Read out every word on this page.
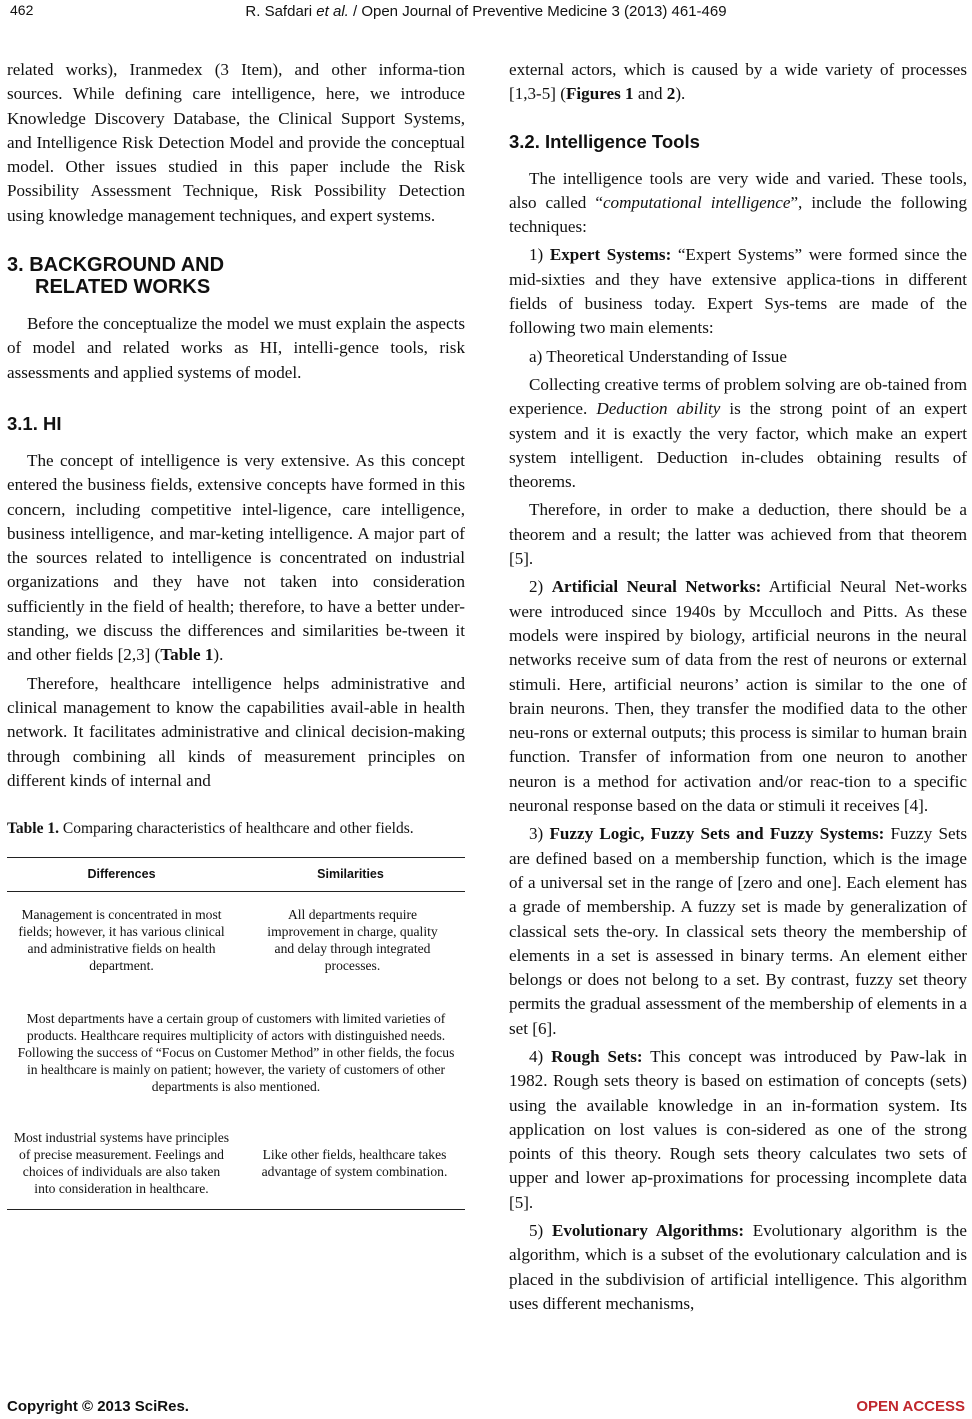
462	R. Safdari et al. / Open Journal of Preventive Medicine 3 (2013) 461-469

related works), Iranmedex (3 Item), and other informa-tion sources. While defining care intelligence, here, we introduce Knowledge Discovery Database, the Clinical Support Systems, and Intelligence Risk Detection Model and provide the conceptual model. Other issues studied in this paper include the Risk Possibility Assessment Technique, Risk Possibility Detection using knowledge management techniques, and expert systems.

3. BACKGROUND AND

RELATED WORKS

Before the conceptualize the model we must explain the aspects of model and related works as HI, intelli-gence tools, risk assessments and applied systems of model.

3.1. HI

The concept of intelligence is very extensive. As this concept entered the business fields, extensive concepts have formed in this concern, including competitive intel-ligence, care intelligence, business intelligence, and mar-keting intelligence. A major part of the sources related to intelligence is concentrated on industrial organizations and they have not taken into consideration sufficiently in the field of health; therefore, to have a better under-standing, we discuss the differences and similarities be-tween it and other fields [2,3] (Table 1).

Therefore, healthcare intelligence helps administrative and clinical management to know the capabilities avail-able in health network. It facilitates administrative and clinical decision-making through combining all kinds of measurement principles on different kinds of internal and

Table 1. Comparing characteristics of healthcare and other fields.

Differences	Similarities
Management is concentrated in most fields; however, it has various clinical and administrative fields on health department.	All departments require improvement in charge, quality and delay through integrated processes.

Most departments have a certain group of customers with limited varieties of products. Healthcare requires multiplicity of actors with distinguished needs.
Following the success of “Focus on Customer Method” in other fields, the focus in healthcare is mainly on patient; however, the variety of customers of other departments is also mentioned.	

Most industrial systems have principles of precise measurement. Feelings and choices of individuals are also taken into consideration in healthcare.	Like other fields, healthcare takes advantage of system combination.

external actors, which is caused by a wide variety of processes [1,3-5] (Figures 1 and 2).

3.2. Intelligence Tools

The intelligence tools are very wide and varied. These tools, also called “computational intelligence”, include the following techniques:

1) Expert Systems: “Expert Systems” were formed since the mid-sixties and they have extensive applica-tions in different fields of business today. Expert Sys-tems are made of the following two main elements:

a) Theoretical Understanding of Issue

Collecting creative terms of problem solving are ob-tained from experience. Deduction ability is the strong point of an expert system and it is exactly the very factor, which make an expert system intelligent. Deduction in-cludes obtaining results of theorems.

Therefore, in order to make a deduction, there should be a theorem and a result; the latter was achieved from that theorem [5].

2) Artificial Neural Networks: Artificial Neural Net-works were introduced since 1940s by Mcculloch and Pitts. As these models were inspired by biology, artificial neurons in the neural networks receive sum of data from the rest of neurons or external stimuli. Here, artificial neurons’ action is similar to the one of brain neurons. Then, they transfer the modified data to the other neu-rons or external outputs; this process is similar to human brain function. Transfer of information from one neuron to another neuron is a method for activation and/or reac-tion to a specific neuronal response based on the data or stimuli it receives [4].

3) Fuzzy Logic, Fuzzy Sets and Fuzzy Systems: Fuzzy Sets are defined based on a membership function, which is the image of a universal set in the range of [zero and one]. Each element has a grade of membership. A fuzzy set is made by generalization of classical sets the-ory. In classical sets theory the membership of elements in a set is assessed in binary terms. An element either belongs or does not belong to a set. By contrast, fuzzy set theory permits the gradual assessment of the membership of elements in a set [6].

4) Rough Sets: This concept was introduced by Paw-lak in 1982. Rough sets theory is based on estimation of concepts (sets) using the available knowledge in an in-formation system. Its application on lost values is con-sidered as one of the strong points of this theory. Rough sets theory calculates two sets of upper and lower ap-proximations for processing incomplete data [5].

5) Evolutionary Algorithms: Evolutionary algorithm is the algorithm, which is a subset of the evolutionary calculation and is placed in the subdivision of artificial intelligence. This algorithm uses different mechanisms,

Copyright © 2013 SciRes.	OPEN ACCESS
